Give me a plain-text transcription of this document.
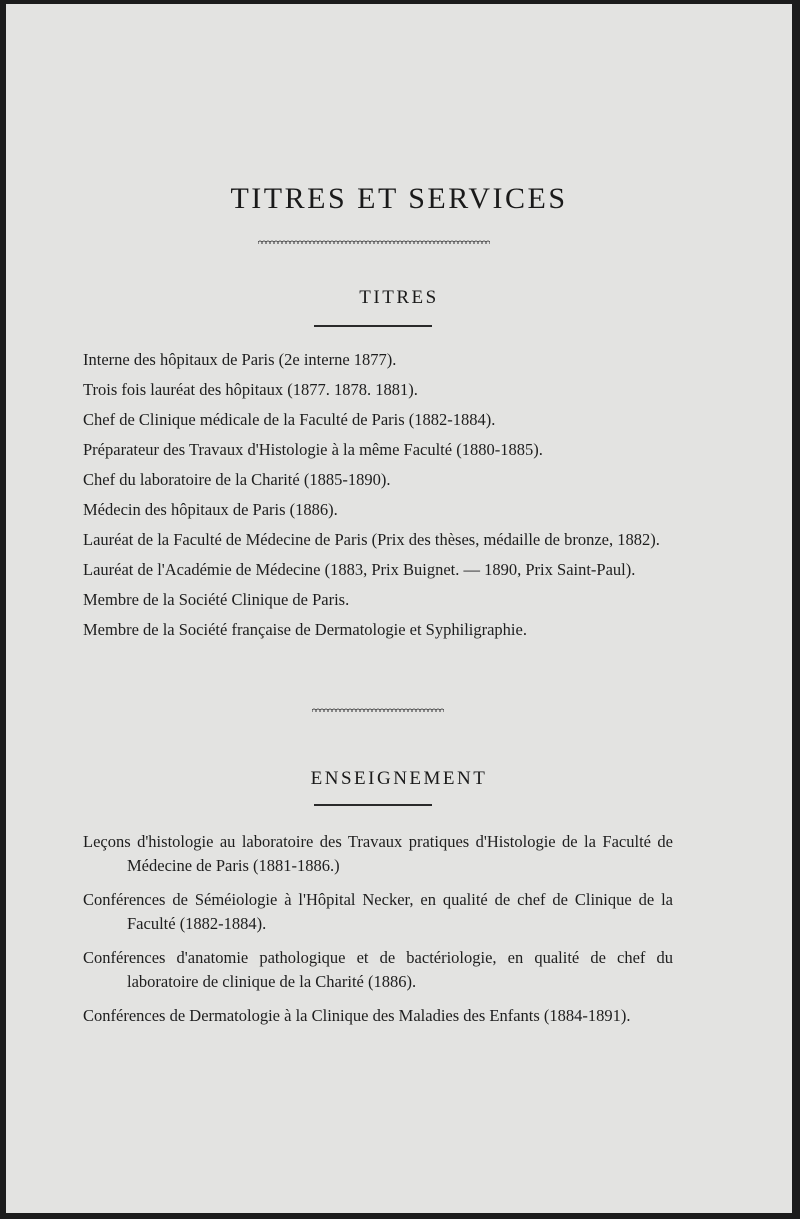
TITRES ET SERVICES
TITRES

Interne des hôpitaux de Paris (2e interne 1877).

Trois fois lauréat des hôpitaux (1877. 1878. 1881).

Chef de Clinique médicale de la Faculté de Paris (1882-1884).

Préparateur des Travaux d'Histologie à la même Faculté (1880-1885).

Chef du laboratoire de la Charité (1885-1890).

Médecin des hôpitaux de Paris (1886).

Lauréat de la Faculté de Médecine de Paris (Prix des thèses, médaille de bronze, 1882).

Lauréat de l'Académie de Médecine (1883, Prix Buignet. — 1890, Prix Saint-Paul).

Membre de la Société Clinique de Paris.

Membre de la Société française de Dermatologie et Syphiligraphie.

ENSEIGNEMENT

Leçons d'histologie au laboratoire des Travaux pratiques d'Histologie de la Faculté de Médecine de Paris (1881-1886.)

Conférences de Séméiologie à l'Hôpital Necker, en qualité de chef de Clinique de la Faculté (1882-1884).

Conférences d'anatomie pathologique et de bactériologie, en qualité de chef du laboratoire de clinique de la Charité (1886).

Conférences de Dermatologie à la Clinique des Maladies des Enfants (1884-1891).
